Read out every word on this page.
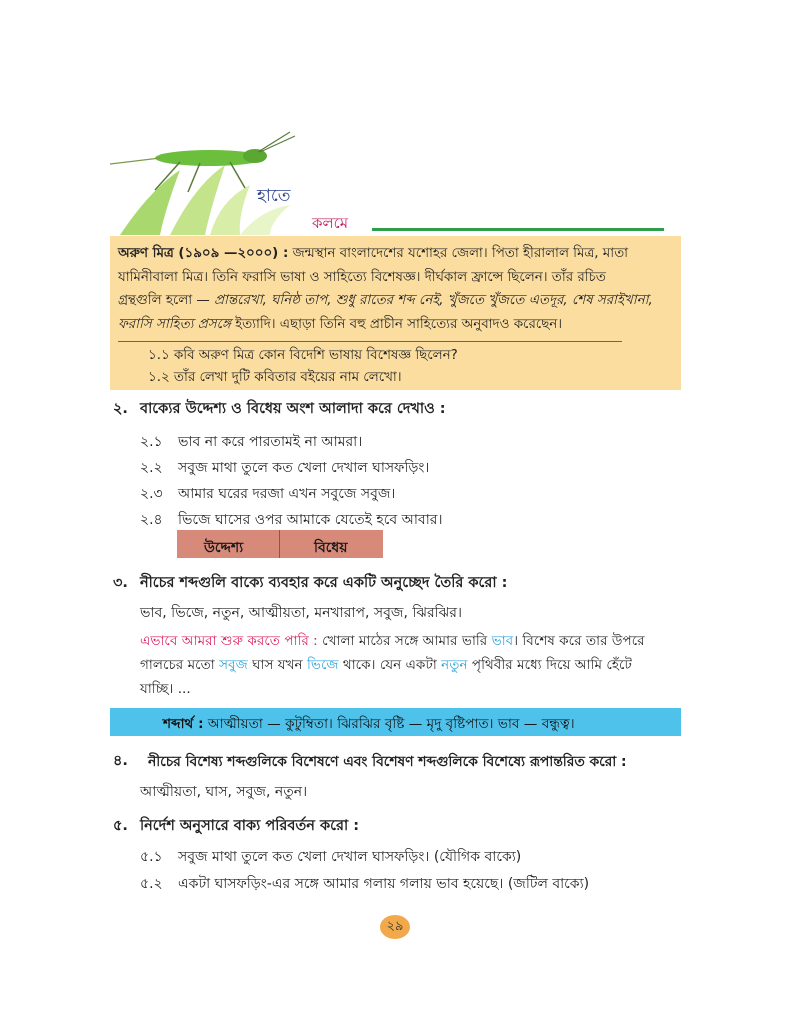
হাতে
কলমে
অরুণ মিত্র (১৯০৯ —২০০০) : জন্মস্থান বাংলাদেশের যশোহর জেলা। পিতা হীরালাল মিত্র, মাতা
যামিনীবালা মিত্র। তিনি ফরাসি ভাষা ও সাহিত্যে বিশেষজ্ঞ। দীর্ঘকাল ফ্রান্সে ছিলেন। তাঁর রচিত
গ্রন্থগুলি হলো — প্রান্তরেখা, ঘনিষ্ঠ তাপ, শুধু রাতের শব্দ নেই, খুঁজতে খুঁজতে এতদূর, শেষ সরাইখানা,
ফরাসি সাহিত্য প্রসঙ্গে ইত্যাদি। এছাড়া তিনি বহু প্রাচীন সাহিত্যের অনুবাদও করেছেন।
১.১ কবি অরুণ মিত্র কোন বিদেশি ভাষায় বিশেষজ্ঞ ছিলেন?
১.২ তাঁর লেখা দুটি কবিতার বইয়ের নাম লেখো।
২. বাক্যের উদ্দেশ্য ও বিধেয় অংশ আলাদা করে দেখাও :
২.১ ভাব না করে পারতামই না আমরা।
২.২ সবুজ মাথা তুলে কত খেলা দেখাল ঘাসফড়িং।
২.৩ আমার ঘরের দরজা এখন সবুজে সবুজ।
২.৪ ভিজে ঘাসের ওপর আমাকে যেতেই হবে আবার।
উদ্দেশ্য	বিধেয়
৩. নীচের শব্দগুলি বাক্যে ব্যবহার করে একটি অনুচ্ছেদ তৈরি করো :
ভাব, ভিজে, নতুন, আত্মীয়তা, মনখারাপ, সবুজ, ঝিরঝির।
এভাবে আমরা শুরু করতে পারি : খোলা মাঠের সঙ্গে আমার ভারি ভাব। বিশেষ করে তার উপরে
গালচের মতো সবুজ ঘাস যখন ভিজে থাকে। যেন একটা নতুন পৃথিবীর মধ্যে দিয়ে আমি হেঁটে
যাচ্ছি। ...
শব্দার্থ : আত্মীয়তা — কুটুম্বিতা। ঝিরঝির বৃষ্টি — মৃদু বৃষ্টিপাত। ভাব — বন্ধুত্ব।
৪. নীচের বিশেষ্য শব্দগুলিকে বিশেষণে এবং বিশেষণ শব্দগুলিকে বিশেষ্যে রূপান্তরিত করো :
আত্মীয়তা, ঘাস, সবুজ, নতুন।
৫. নির্দেশ অনুসারে বাক্য পরিবর্তন করো :
৫.১ সবুজ মাথা তুলে কত খেলা দেখাল ঘাসফড়িং। (যৌগিক বাক্যে)
৫.২ একটা ঘাসফড়িং-এর সঙ্গে আমার গলায় গলায় ভাব হয়েছে। (জটিল বাক্যে)
২৯
